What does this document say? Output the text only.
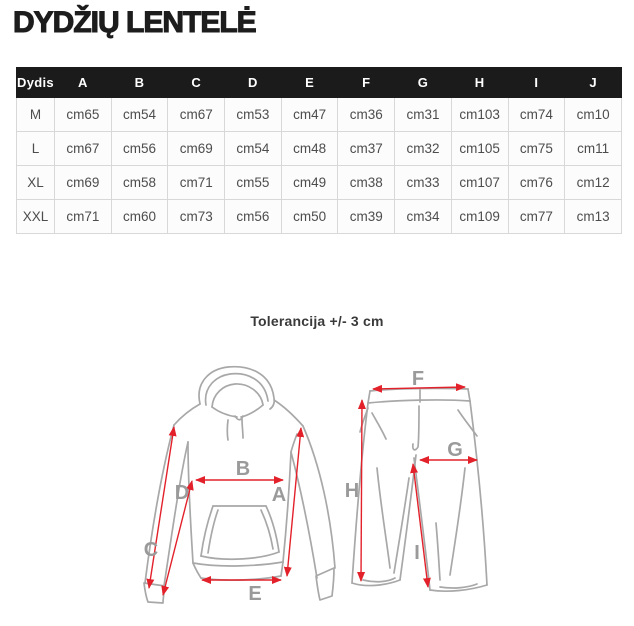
DYDŽIŲ LENTELĖ
Dydis	A	B	C	D	E	F	G	H	I	J
M	cm65	cm54	cm67	cm53	cm47	cm36	cm31	cm103	cm74	cm10
L	cm67	cm56	cm69	cm54	cm48	cm37	cm32	cm105	cm75	cm11
XL	cm69	cm58	cm71	cm55	cm49	cm38	cm33	cm107	cm76	cm12
XXL	cm71	cm60	cm73	cm56	cm50	cm39	cm34	cm109	cm77	cm13

Tolerancija +/- 3 cm

B
A
D
C
E
F
H
G
I
